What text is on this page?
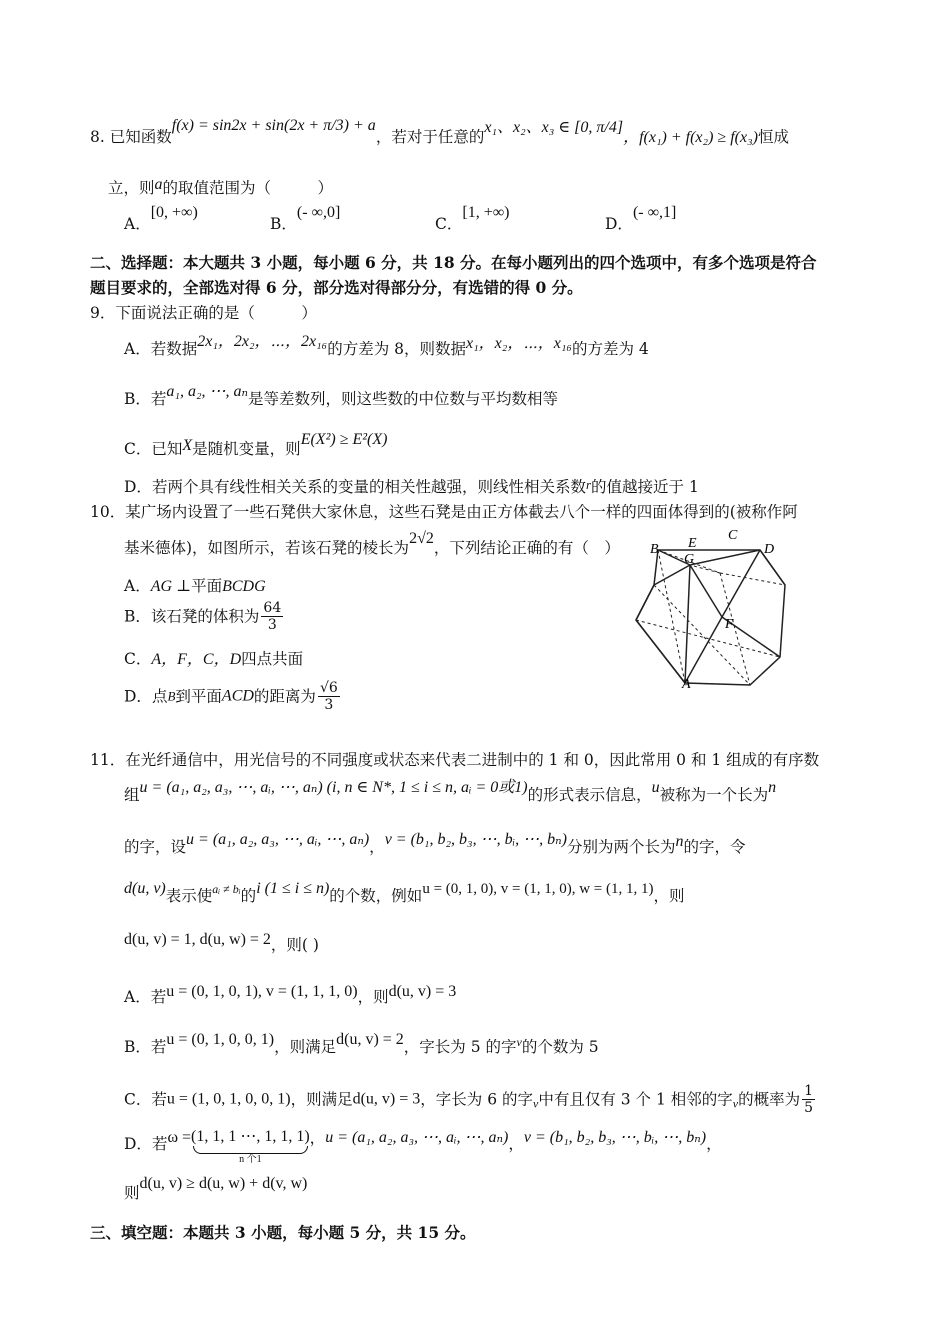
8. 已知函数f(x) = sin2x + sin(2x + π/3) + a，若对于任意的x₁、x₂、x₃ ∈ [0, π/4]，f(x₁) + f(x₂) ≥ f(x₃)恒成
立，则a的取值范围为（　　　）
A．[0, +∞)
B．(- ∞,0]
C．[1, +∞)
D．(- ∞,1]
二、选择题：本大题共 3 小题，每小题 6 分，共 18 分。在每小题列出的四个选项中，有多个选项是符合
题目要求的，全部选对得 6 分，部分选对得部分分，有选错的得 0 分。
9．下面说法正确的是（　　　）
A．若数据2x₁，2x₂，⋯，2x₁₆的方差为 8，则数据x₁，x₂，⋯，x₁₆的方差为 4
B．若a₁, a₂, ⋯, aₙ是等差数列，则这些数的中位数与平均数相等
C．已知X是随机变量，则E(X²) ≥ E²(X)
D．若两个具有线性相关关系的变量的相关性越强，则线性相关系数r的值越接近于 1
10．某广场内设置了一些石凳供大家休息，这些石凳是由正方体截去八个一样的四面体得到的(被称作阿
基米德体)，如图所示，若该石凳的棱长为2√2，下列结论正确的有（　）
A．AG ⊥平面BCDG
B．该石凳的体积为 $\frac{64}{3}$
C．A，F，C，D四点共面
D．点B到平面ACD的距离为 $\frac{√6}{3}$
B E
C
D
G
F
A
11．在光纤通信中，用光信号的不同强度或状态来代表二进制中的 1 和 0，因此常用 0 和 1 组成的有序数
组u = (a₁, a₂, a₃, ⋯, aᵢ, ⋯, aₙ) (i, n ∈ N*, 1 ≤ i ≤ n, aᵢ = 0或1)的形式表示信息，u被称为一个长为n
的字，设u = (a₁, a₂, a₃, ⋯, aᵢ, ⋯, aₙ)，v = (b₁, b₂, b₃, ⋯, bᵢ, ⋯, bₙ)分别为两个长为n的字，令
d(u, v)表示使$^{aᵢ \ne bᵢ}$的i (1 ≤ i ≤ n)的个数，例如u = (0, 1, 0), v = (1, 1, 0), w = (1, 1, 1)，则
d(u, v) = 1, d(u, w) = 2，则( )
A．若u = (0, 1, 0, 1), v = (1, 1, 1, 0)，则d(u, v) = 3
B．若u = (0, 1, 0, 0, 1)，则满足d(u, v) = 2，字长为 5 的字$^v$的个数为 5
C．若u = (1, 0, 1, 0, 0, 1)，则满足d(u, v) = 3，字长为 6 的字$_v$中有且仅有 3 个 1 相邻的字$_v$的概率为 $\frac{1}{5}$
D．若ω =(1, 1, 1 ⋯, 1, 1, 1)
n 个1
，u = (a₁, a₂, a₃, ⋯, aᵢ, ⋯, aₙ)，v = (b₁, b₂, b₃, ⋯, bᵢ, ⋯, bₙ)，
则d(u, v) ≥ d(u, w) + d(v, w)
三、填空题：本题共 3 小题，每小题 5 分，共 15 分。
